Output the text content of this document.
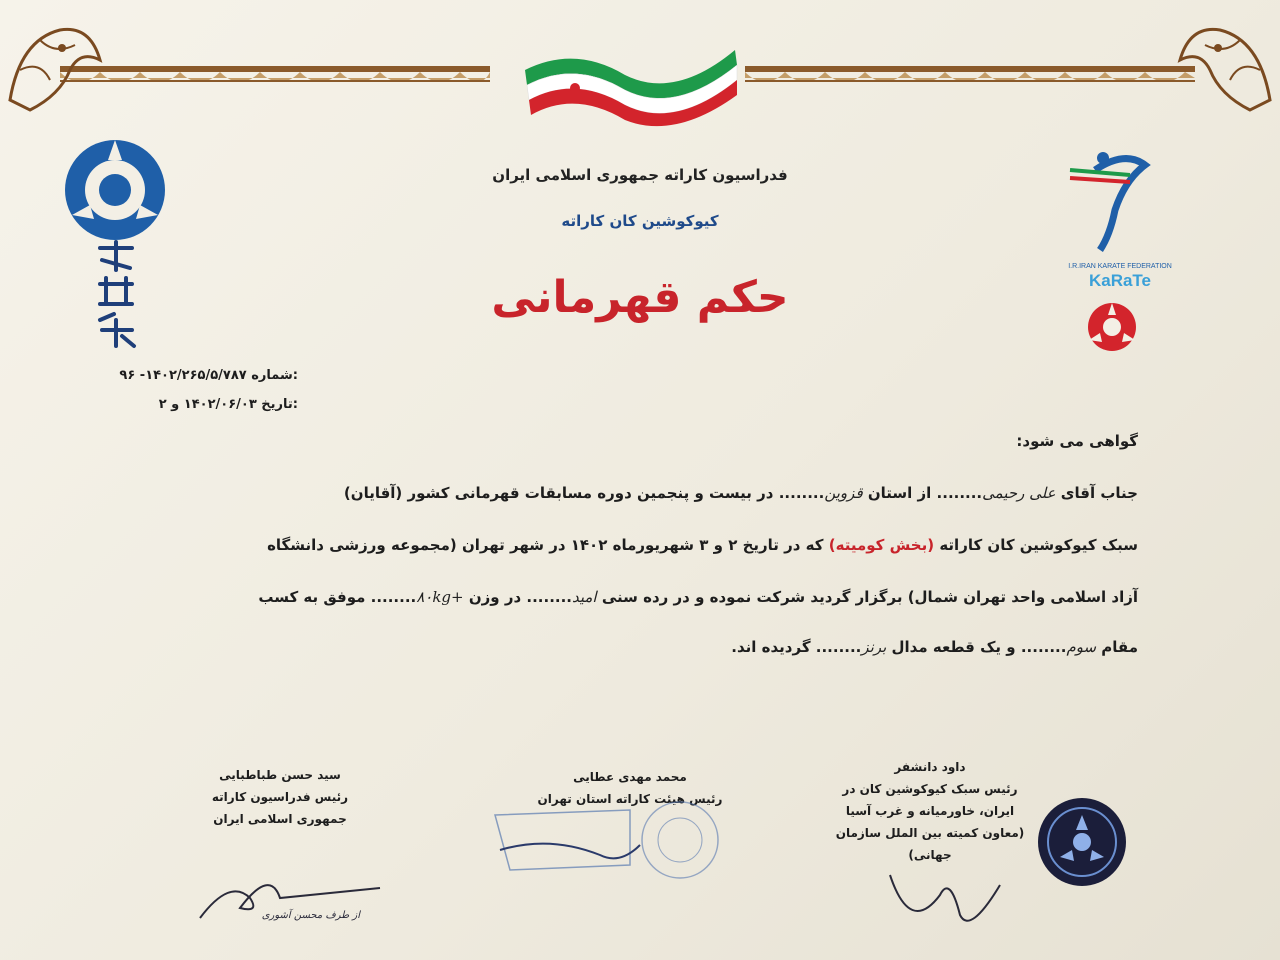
I.R.IRAN KARATE FEDERATION
KaRaTe
فدراسیون کاراته جمهوری اسلامی ایران
کیوکوشین کان کاراته
حکم قهرمانی
:شماره ۱۴۰۲/۲۶۵/۵/۷۸۷- ۹۶
:تاریخ ۱۴۰۲/۰۶/۰۳ و ۲
گواهی می شود:
جناب آقای علی رحیمی........ از استان قزوین........ در بیست و پنجمین دوره مسابقات قهرمانی کشور (آقایان)
سبک کیوکوشین کان کاراته (بخش کومیته) که در تاریخ ۲ و ۳ شهریورماه ۱۴۰۲ در شهر تهران (مجموعه ورزشی دانشگاه
آزاد اسلامی واحد تهران شمال) برگزار گردید شرکت نموده و در رده سنی امید........ در وزن +۸۰kg........ موفق به کسب
مقام سوم........ و یک قطعه مدال برنز........ گردیده اند.
سید حسن طباطبایی
رئیس فدراسیون کاراته
جمهوری اسلامی ایران
از طرف محسن آشوری
محمد مهدی عطایی
رئیس هیئت کاراته استان تهران
داود دانشفر
رئیس سبک کیوکوشین کان در
ایران، خاورمیانه و غرب آسیا
(معاون کمیته بین الملل سازمان جهانی)
